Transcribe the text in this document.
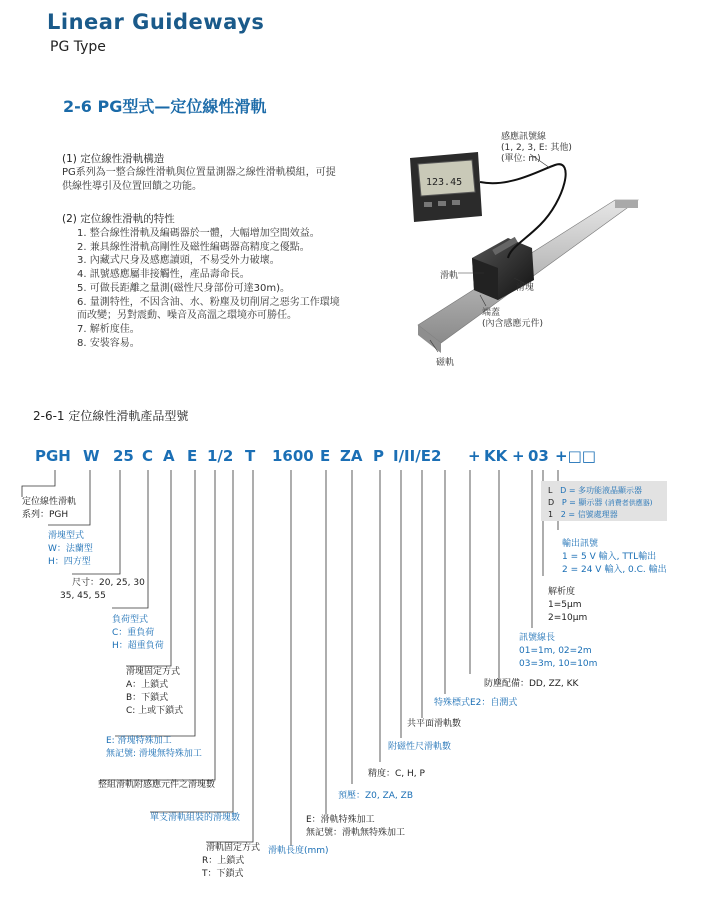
Linear Guideways
PG Type
2-6 PG型式—定位線性滑軌
(1) 定位線性滑軌構造
PG系列為一整合線性滑軌與位置量測器之線性滑軌模組，可提
供線性導引及位置回饋之功能。
(2) 定位線性滑軌的特性
1. 整合線性滑軌及編碼器於一體，大幅增加空間效益。
2. 兼具線性滑軌高剛性及磁性編碼器高精度之優點。
3. 內藏式尺身及感應讀頭，不易受外力破壞。
4. 訊號感應屬非接觸性，產品壽命長。
5. 可做長距離之量測(磁性尺身部份可達30m)。
6. 量測特性，不因含油、水、粉塵及切削屑之惡劣工作環境
而改變；另對震動、噪音及高溫之環境亦可勝任。
7. 解析度佳。
8. 安裝容易。
123.45
感應訊號線
(1, 2, 3, E: 其他)
(單位: m)
滑軌
滑塊
端蓋
(內含感應元件)
磁軌
2-6-1 定位線性滑軌產品型號
PGH W 25 C A E 1/2 T 1600 E ZA P I/II/E2 + KK + 03 +□□
定位線性滑軌
系列：PGH
滑塊型式
W：法蘭型
H：四方型
尺寸：20, 25, 30
35, 45, 55
負荷型式
C：重負荷
H：超重負荷
滑塊固定方式
A：上鎖式
B：下鎖式
C: 上或下鎖式
E: 滑塊特殊加工
無記號: 滑塊無特殊加工
整組滑軌附感應元件之滑塊數
單支滑軌組裝的滑塊數
滑軌固定方式
R：上鎖式
T：下鎖式
滑軌長度(mm)
E：滑軌特殊加工
無記號：滑軌無特殊加工
預壓：Z0, ZA, ZB
精度：C, H, P
附磁性尺滑軌數
共平面滑軌數
特殊標式E2：自潤式
防塵配備：DD, ZZ, KK
訊號線長
01=1m, 02=2m
03=3m, 10=10m
解析度
1=5μm
2=10μm
輸出訊號
1 = 5 V 輸入, TTL輸出
2 = 24 V 輸入, 0.C. 輸出
L D = 多功能液晶顯示器
D P = 顯示器 (消費者供應器)
1 2 = 信號處理器
